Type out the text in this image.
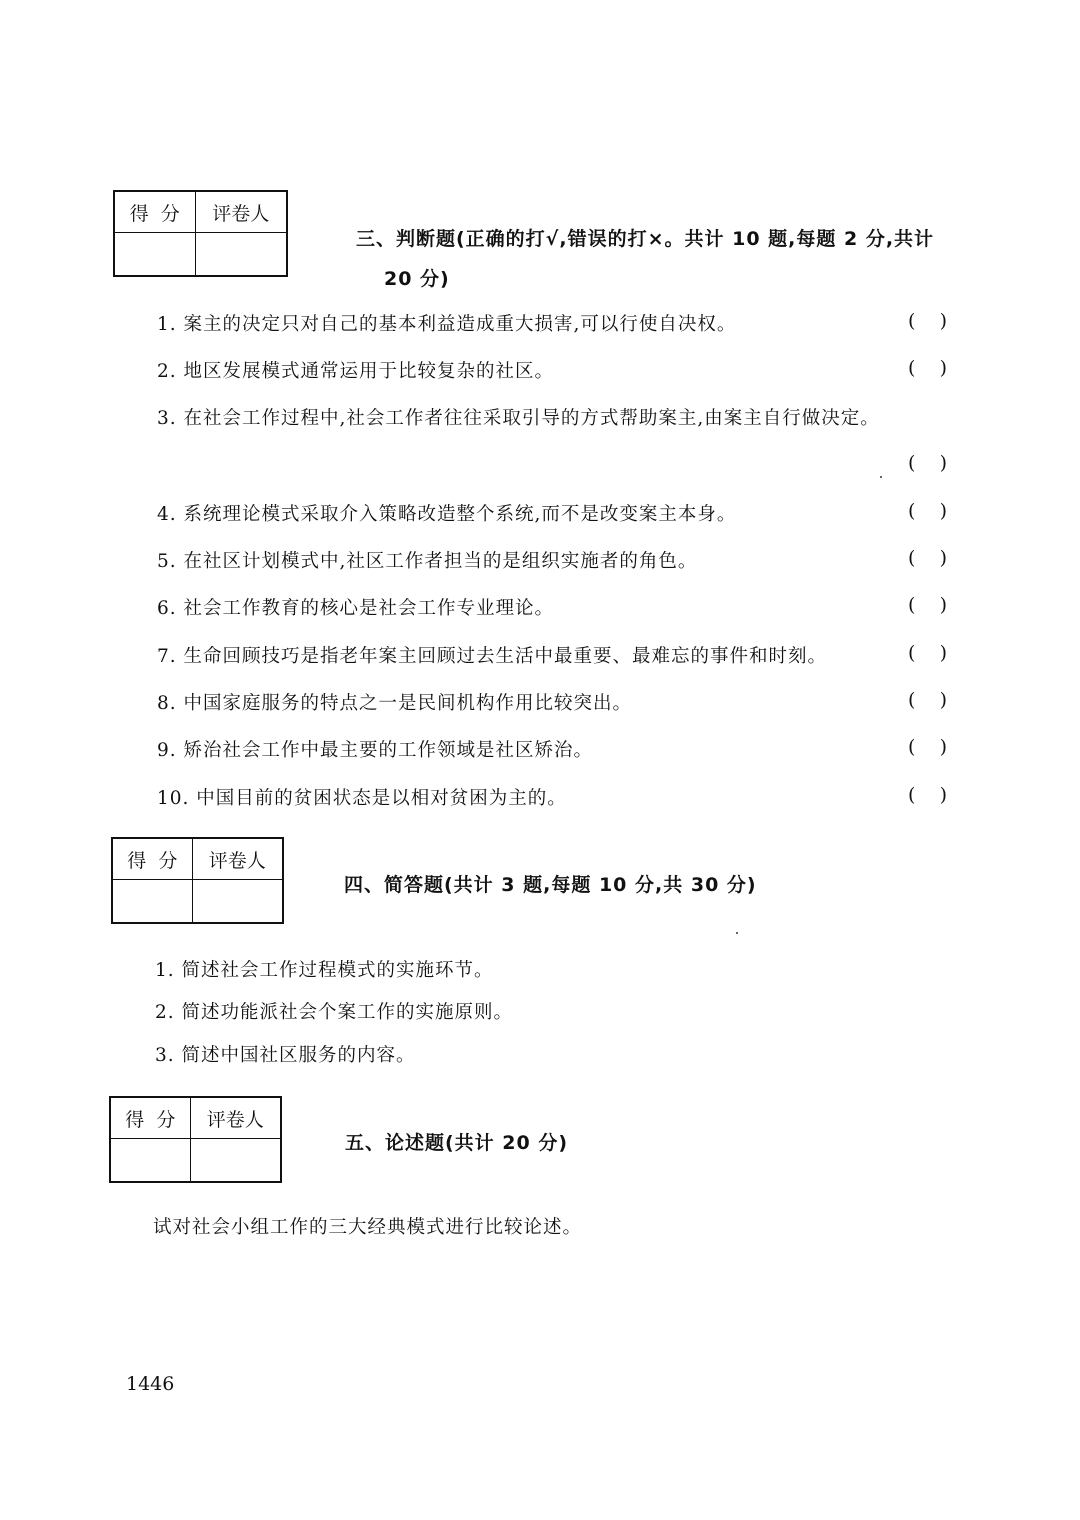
得  分	评卷人

三、判断题(正确的打√,错误的打×。共计 10 题,每题 2 分,共计
20 分)
1. 案主的决定只对自己的基本利益造成重大损害,可以行使自决权。	(    )
2. 地区发展模式通常运用于比较复杂的社区。	(    )
3. 在社会工作过程中,社会工作者往往采取引导的方式帮助案主,由案主自行做决定。
(    )
4. 系统理论模式采取介入策略改造整个系统,而不是改变案主本身。	(    )
5. 在社区计划模式中,社区工作者担当的是组织实施者的角色。	(    )
6. 社会工作教育的核心是社会工作专业理论。	(    )
7. 生命回顾技巧是指老年案主回顾过去生活中最重要、最难忘的事件和时刻。	(    )
8. 中国家庭服务的特点之一是民间机构作用比较突出。	(    )
9. 矫治社会工作中最主要的工作领域是社区矫治。	(    )
10. 中国目前的贫困状态是以相对贫困为主的。	(    )
得  分	评卷人

四、简答题(共计 3 题,每题 10 分,共 30 分)
1. 简述社会工作过程模式的实施环节。
2. 简述功能派社会个案工作的实施原则。
3. 简述中国社区服务的内容。
得  分	评卷人

五、论述题(共计 20 分)
试对社会小组工作的三大经典模式进行比较论述。
1446
